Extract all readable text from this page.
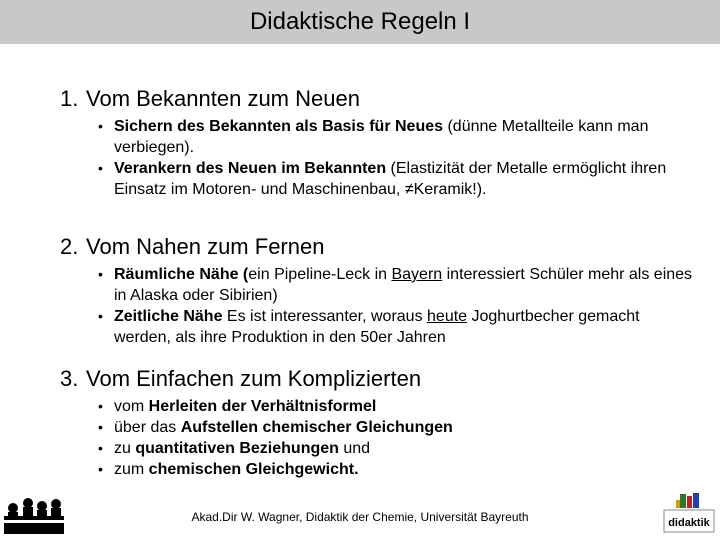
Didaktische Regeln I
1. Vom Bekannten zum Neuen
• Sichern des Bekannten als Basis für Neues (dünne Metallteile kann man verbiegen).
• Verankern des Neuen im Bekannten (Elastizität der Metalle ermöglicht ihren Einsatz im Motoren- und Maschinenbau, ≠Keramik!).
2. Vom Nahen zum Fernen
• Räumliche Nähe (ein Pipeline-Leck in Bayern interessiert Schüler mehr als eines in Alaska oder Sibirien)
• Zeitliche Nähe Es ist interessanter, woraus heute Joghurtbecher gemacht werden, als ihre Produktion in den 50er Jahren
3. Vom Einfachen zum Komplizierten
• vom Herleiten der Verhältnisformel
• über das Aufstellen chemischer Gleichungen
• zu quantitativen Beziehungen und
• zum chemischen Gleichgewicht.
Akad.Dir W. Wagner, Didaktik der Chemie, Universität Bayreuth	didaktik
